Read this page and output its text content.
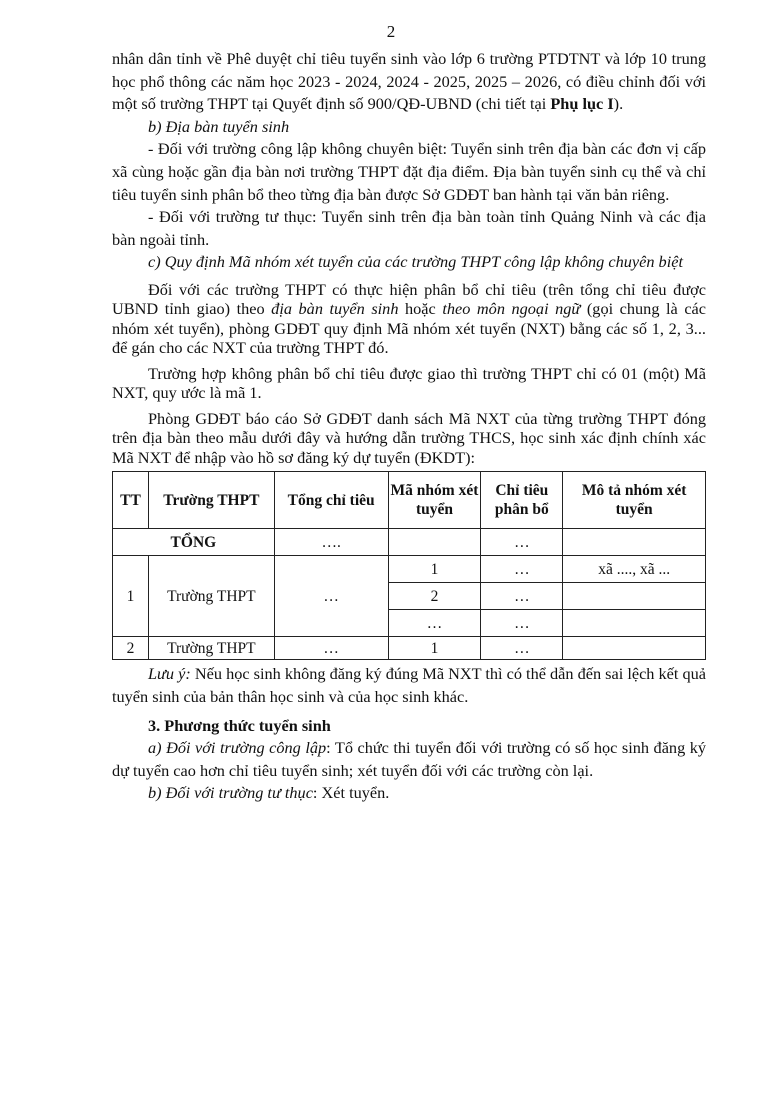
2

nhân dân tỉnh về Phê duyệt chỉ tiêu tuyển sinh vào lớp 6 trường PTDTNT và lớp 10 trung học phổ thông các năm học 2023 - 2024, 2024 - 2025, 2025 – 2026, có điều chỉnh đối với một số trường THPT tại Quyết định số 900/QĐ-UBND (chi tiết tại Phụ lục I).

b) Địa bàn tuyển sinh

- Đối với trường công lập không chuyên biệt: Tuyển sinh trên địa bàn các đơn vị cấp xã cùng hoặc gần địa bàn nơi trường THPT đặt địa điểm. Địa bàn tuyển sinh cụ thể và chỉ tiêu tuyển sinh phân bổ theo từng địa bàn được Sở GDĐT ban hành tại văn bản riêng.

- Đối với trường tư thục: Tuyển sinh trên địa bàn toàn tỉnh Quảng Ninh và các địa bàn ngoài tỉnh.

c) Quy định Mã nhóm xét tuyển của các trường THPT công lập không chuyên biệt

Đối với các trường THPT có thực hiện phân bổ chỉ tiêu (trên tổng chỉ tiêu được UBND tỉnh giao) theo địa bàn tuyển sinh hoặc theo môn ngoại ngữ (gọi chung là các nhóm xét tuyển), phòng GDĐT quy định Mã nhóm xét tuyển (NXT) bằng các số 1, 2, 3... để gán cho các NXT của trường THPT đó.

Trường hợp không phân bổ chỉ tiêu được giao thì trường THPT chỉ có 01 (một) Mã NXT, quy ước là mã 1.

Phòng GDĐT báo cáo Sở GDĐT danh sách Mã NXT của từng trường THPT đóng trên địa bàn theo mẫu dưới đây và hướng dẫn trường THCS, học sinh xác định chính xác Mã NXT để nhập vào hồ sơ đăng ký dự tuyển (ĐKDT):

TT	Trường THPT	Tổng chỉ tiêu	Mã nhóm xét tuyển	Chỉ tiêu phân bổ	Mô tả nhóm xét tuyển
TỔNG		….		…	
1	Trường THPT	…	1	…	xã ...., xã ...
			2	…	
			…	…	
2	Trường THPT	…	1	…	

Lưu ý: Nếu học sinh không đăng ký đúng Mã NXT thì có thể dẫn đến sai lệch kết quả tuyển sinh của bản thân học sinh và của học sinh khác.

3. Phương thức tuyển sinh

a) Đối với trường công lập: Tổ chức thi tuyển đối với trường có số học sinh đăng ký dự tuyển cao hơn chỉ tiêu tuyển sinh; xét tuyển đối với các trường còn lại.

b) Đối với trường tư thục: Xét tuyển.
